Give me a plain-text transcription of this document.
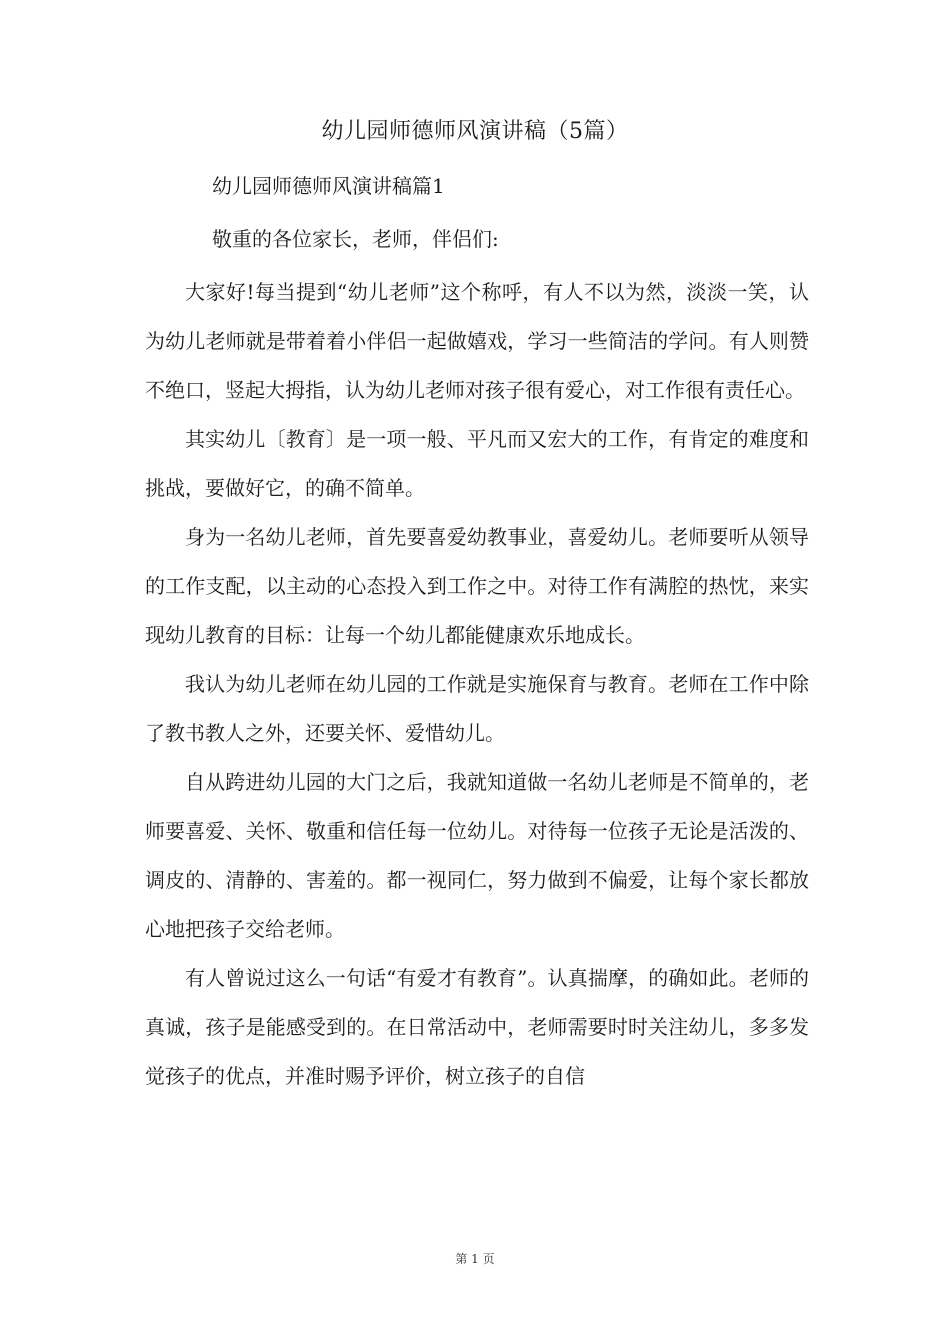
幼儿园师德师风演讲稿（5篇）
幼儿园师德师风演讲稿篇1
敬重的各位家长，老师，伴侣们:

大家好!每当提到“幼儿老师”这个称呼，有人不以为然，淡淡一笑，认为幼儿老师就是带着着小伴侣一起做嬉戏，学习一些简洁的学问。有人则赞不绝口，竖起大拇指，认为幼儿老师对孩子很有爱心，对工作很有责任心。

其实幼儿〔教育〕是一项一般、平凡而又宏大的工作，有肯定的难度和挑战，要做好它，的确不简单。

身为一名幼儿老师，首先要喜爱幼教事业，喜爱幼儿。老师要听从领导的工作支配，以主动的心态投入到工作之中。对待工作有满腔的热忱，来实现幼儿教育的目标：让每一个幼儿都能健康欢乐地成长。

我认为幼儿老师在幼儿园的工作就是实施保育与教育。老师在工作中除了教书教人之外，还要关怀、爱惜幼儿。

自从跨进幼儿园的大门之后，我就知道做一名幼儿老师是不简单的，老师要喜爱、关怀、敬重和信任每一位幼儿。对待每一位孩子无论是活泼的、调皮的、清静的、害羞的。都一视同仁，努力做到不偏爱，让每个家长都放心地把孩子交给老师。

有人曾说过这么一句话“有爱才有教育”。认真揣摩，的确如此。老师的真诚，孩子是能感受到的。在日常活动中，老师需要时时关注幼儿，多多发觉孩子的优点，并准时赐予评价，树立孩子的自信

第 1 页
